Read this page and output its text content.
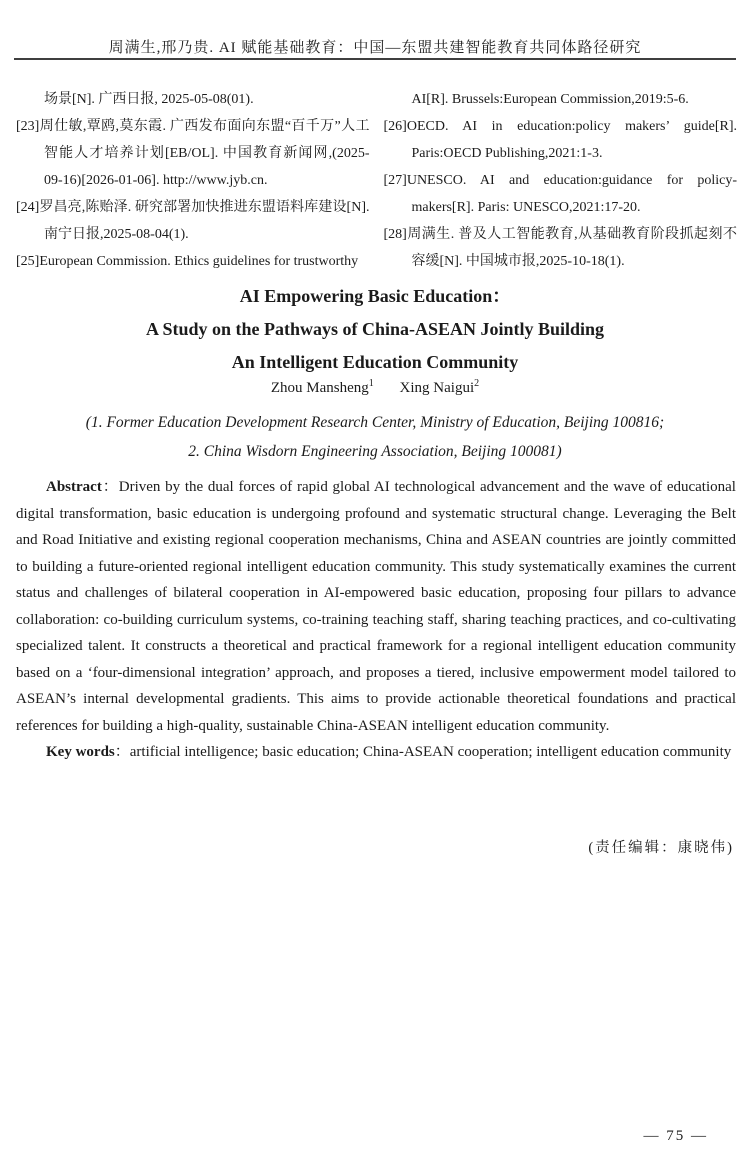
周满生,邢乃贵. AI 赋能基础教育：中国—东盟共建智能教育共同体路径研究
场景[N]. 广西日报, 2025-05-08(01).
[23]周仕敏,覃鸥,莫东霞. 广西发布面向东盟“百千万”人工智能人才培养计划[EB/OL]. 中国教育新闻网,(2025-09-16)[2026-01-06]. http://www.jyb.cn.
[24]罗昌亮,陈贻泽. 研究部署加快推进东盟语料库建设[N]. 南宁日报,2025-08-04(1).
[25]European Commission. Ethics guidelines for trustworthy
AI[R]. Brussels:European Commission,2019:5-6.
[26]OECD. AI in education:policy makers’ guide[R]. Paris:OECD Publishing,2021:1-3.
[27]UNESCO. AI and education:guidance for policy-makers[R]. Paris: UNESCO,2021:17-20.
[28]周满生. 普及人工智能教育,从基础教育阶段抓起刻不容缓[N]. 中国城市报,2025-10-18(1).
AI Empowering Basic Education：
A Study on the Pathways of China-ASEAN Jointly Building
An Intelligent Education Community
Zhou Mansheng$^1$ Xing Naigui$^2$
(1. Former Education Development Research Center, Ministry of Education, Beijing 100816;
2. China Wisdorn Engineering Association, Beijing 100081)

Abstract：Driven by the dual forces of rapid global AI technological advancement and the wave of educational digital transformation, basic education is undergoing profound and systematic structural change. Leveraging the Belt and Road Initiative and existing regional cooperation mechanisms, China and ASEAN countries are jointly committed to building a future-oriented regional intelligent education community. This study systematically examines the current status and challenges of bilateral cooperation in AI-empowered basic education, proposing four pillars to advance collaboration: co-building curriculum systems, co-training teaching staff, sharing teaching practices, and co-cultivating specialized talent. It constructs a theoretical and practical framework for a regional intelligent education community based on a ‘four-dimensional integration’ approach, and proposes a tiered, inclusive empowerment model tailored to ASEAN’s internal developmental gradients. This aims to provide actionable theoretical foundations and practical references for building a high-quality, sustainable China-ASEAN intelligent education community.

Key words：artificial intelligence; basic education; China-ASEAN cooperation; intelligent education community

(责任编辑：康晓伟)
— 75 —
